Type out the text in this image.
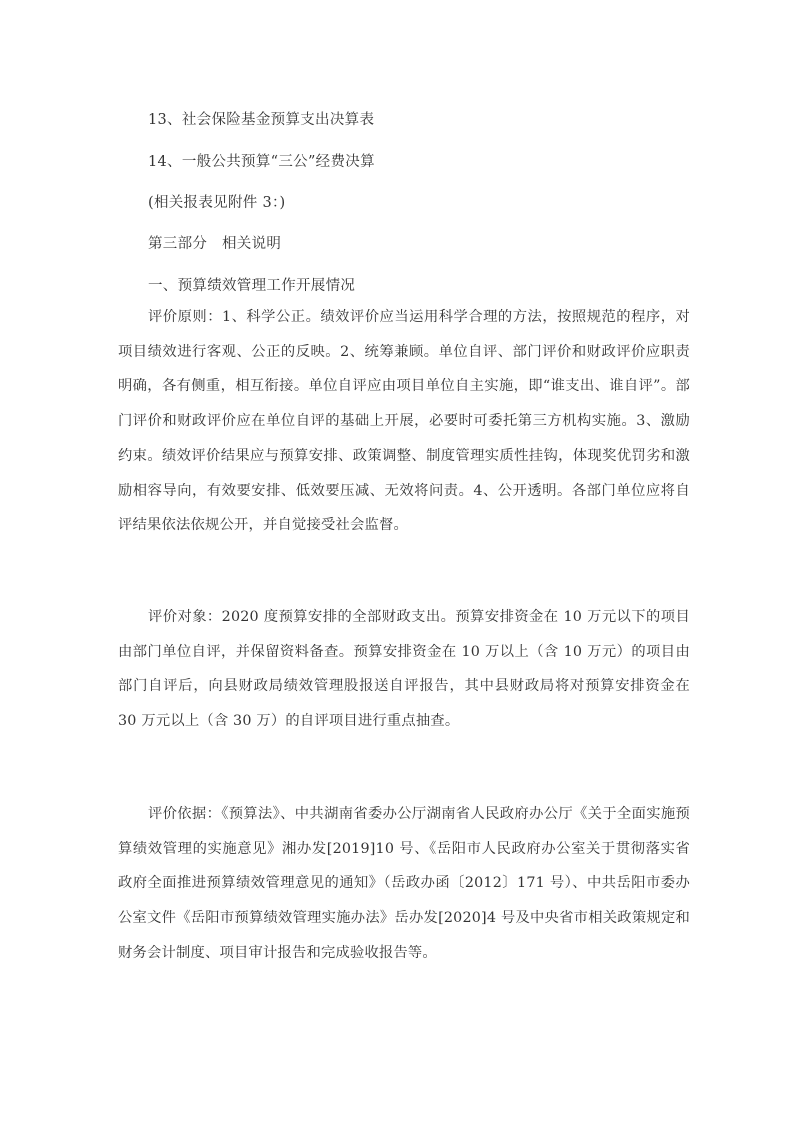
13、社会保险基金预算支出决算表
14、一般公共预算“三公”经费决算
(相关报表见附件 3：)
第三部分　相关说明
一、预算绩效管理工作开展情况

评价原则：1、科学公正。绩效评价应当运用科学合理的方法，按照规范的程序，对项目绩效进行客观、公正的反映。2、统筹兼顾。单位自评、部门评价和财政评价应职责明确，各有侧重，相互衔接。单位自评应由项目单位自主实施，即“谁支出、谁自评”。部门评价和财政评价应在单位自评的基础上开展，必要时可委托第三方机构实施。3、激励约束。绩效评价结果应与预算安排、政策调整、制度管理实质性挂钩，体现奖优罚劣和激励相容导向，有效要安排、低效要压减、无效将问责。4、公开透明。各部门单位应将自评结果依法依规公开，并自觉接受社会监督。

评价对象：2020 度预算安排的全部财政支出。预算安排资金在 10 万元以下的项目由部门单位自评，并保留资料备查。预算安排资金在 10 万以上（含 10 万元）的项目由部门自评后，向县财政局绩效管理股报送自评报告，其中县财政局将对预算安排资金在 30 万元以上（含 30 万）的自评项目进行重点抽查。

评价依据：《预算法》、中共湖南省委办公厅湖南省人民政府办公厅《关于全面实施预算绩效管理的实施意见》湘办发[2019]10 号、《岳阳市人民政府办公室关于贯彻落实省政府全面推进预算绩效管理意见的通知》（岳政办函〔2012〕171 号）、中共岳阳市委办公室文件《岳阳市预算绩效管理实施办法》岳办发[2020]4 号及中央省市相关政策规定和财务会计制度、项目审计报告和完成验收报告等。
